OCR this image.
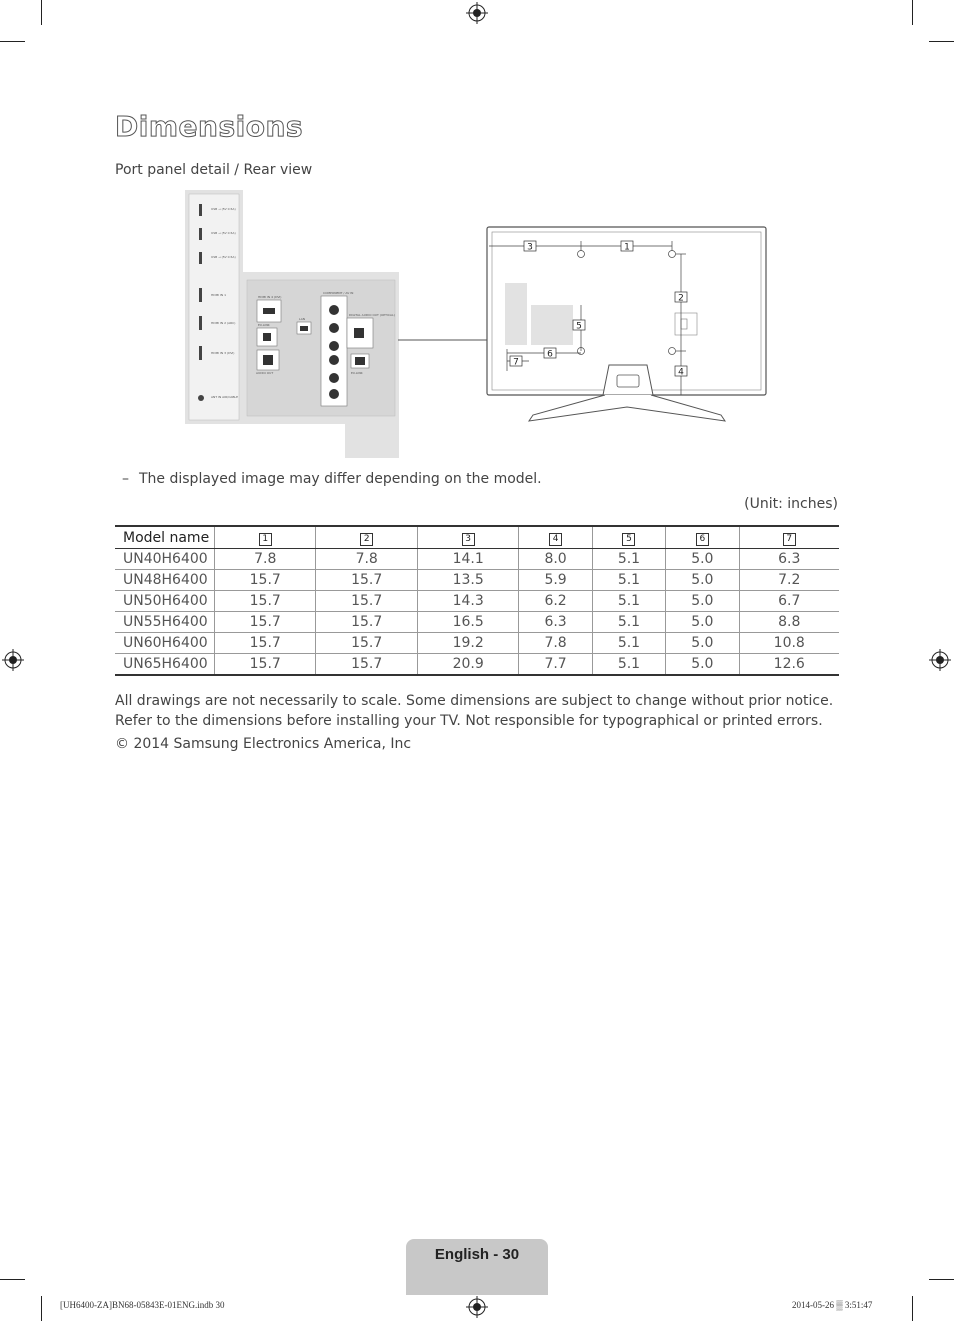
Dimensions
Port panel detail / Rear view
USB → (5V 0.5A)
USB → (5V 0.5A)
USB → (5V 0.5A)
HDMI IN 1
HDMI IN 2 (ARC)
HDMI IN 3 (DVI)
ANT IN AIR/CABLE
HDMI IN 4 (DVI)
EX-LINK
AUDIO OUT
LAN
COMPONENT / AV IN
DIGITAL AUDIO OUT (OPTICAL)
EX-LINK
3	1
2
4
5
6
7
– The displayed image may differ depending on the model.
(Unit: inches)
Model name	1	2	3	4	5	6	7
UN40H6400	7.8	7.8	14.1	8.0	5.1	5.0	6.3
UN48H6400	15.7	15.7	13.5	5.9	5.1	5.0	7.2
UN50H6400	15.7	15.7	14.3	6.2	5.1	5.0	6.7
UN55H6400	15.7	15.7	16.5	6.3	5.1	5.0	8.8
UN60H6400	15.7	15.7	19.2	7.8	5.1	5.0	10.8
UN65H6400	15.7	15.7	20.9	7.7	5.1	5.0	12.6
All drawings are not necessarily to scale. Some dimensions are subject to change without prior notice. Refer to the dimensions before installing your TV. Not responsible for typographical or printed errors.
© 2014 Samsung Electronics America, Inc
English - 30
[UH6400-ZA]BN68-05843E-01ENG.indb 30	2014-05-26 ▒ 3:51:47
